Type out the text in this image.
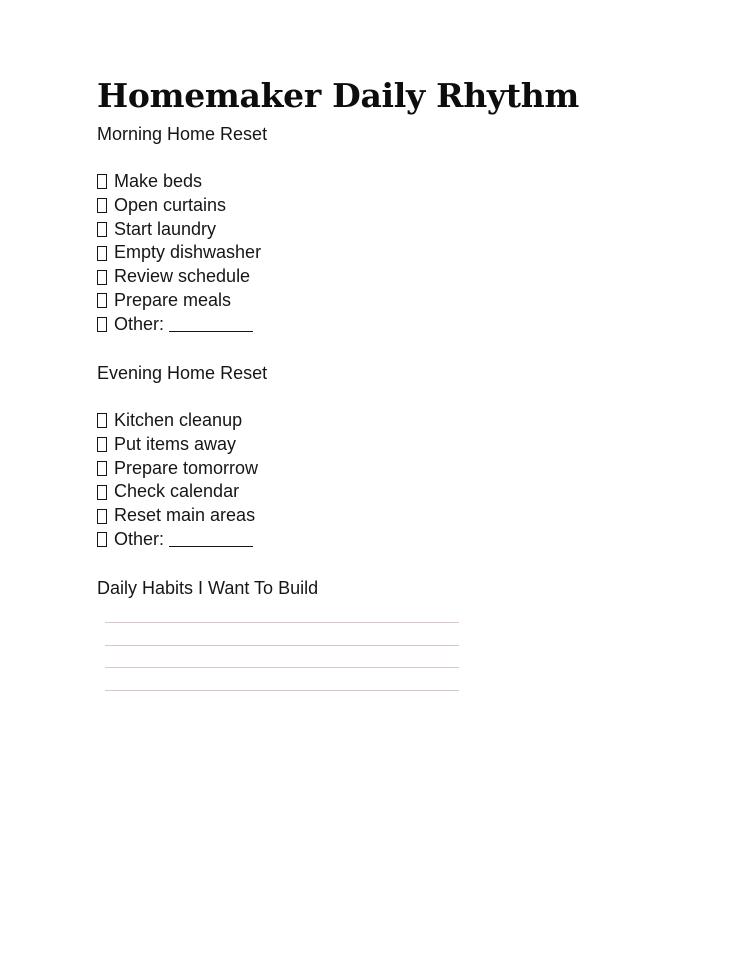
Homemaker Daily Rhythm
Morning Home Reset
Make beds
Open curtains
Start laundry
Empty dishwasher
Review schedule
Prepare meals
Other:
Evening Home Reset
Kitchen cleanup
Put items away
Prepare tomorrow
Check calendar
Reset main areas
Other:
Daily Habits I Want To Build
